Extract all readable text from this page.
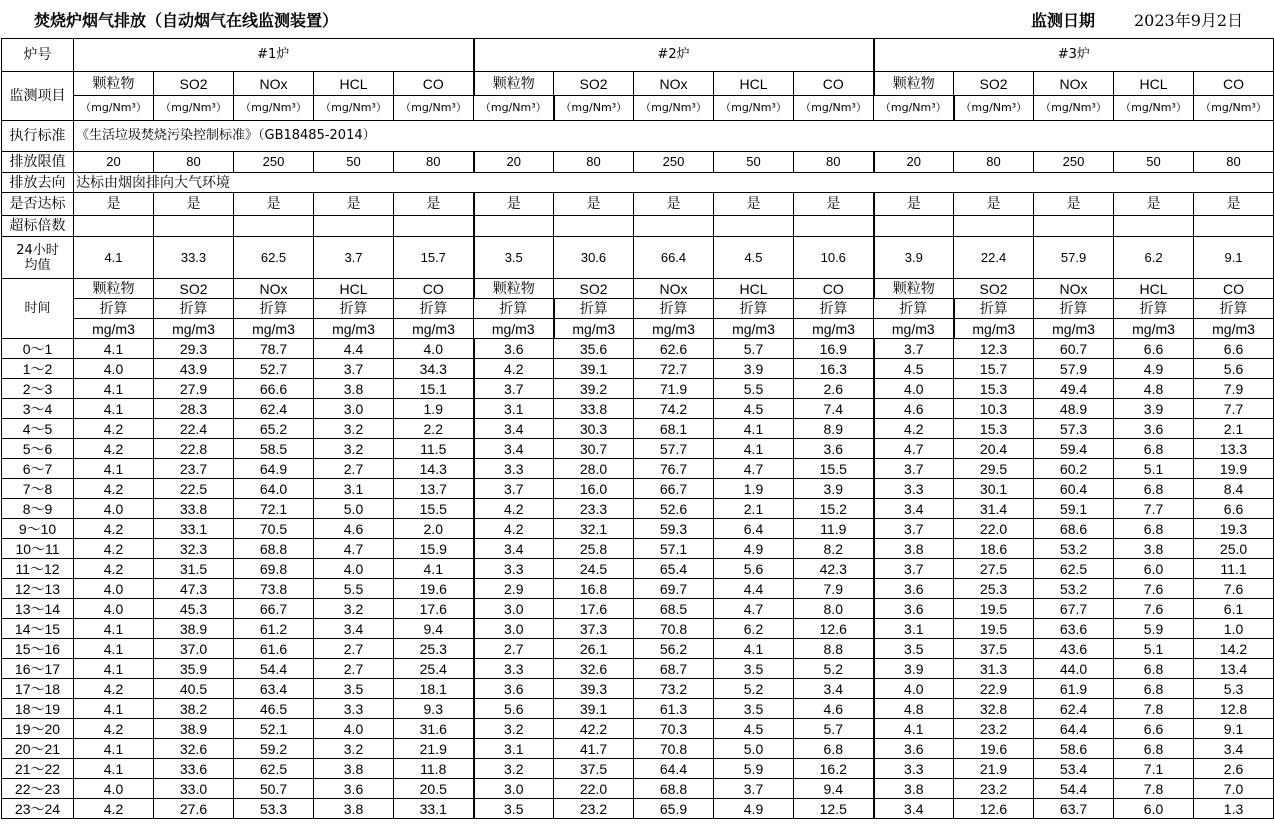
焚烧炉烟气排放（自动烟气在线监测装置）	监测日期 2023年9月2日
炉号	#1炉					#2炉					#3炉				
监测项目	颗粒物	SO2	NOx	HCL	CO	颗粒物	SO2	NOx	HCL	CO	颗粒物	SO2	NOx	HCL	CO
	（mg/Nm³）	（mg/Nm³）	（mg/Nm³）	（mg/Nm³）	（mg/Nm³）	（mg/Nm³）	（mg/Nm³）	（mg/Nm³）	（mg/Nm³）	（mg/Nm³）	（mg/Nm³）	（mg/Nm³）	（mg/Nm³）	（mg/Nm³）	（mg/Nm³）
执行标准	《生活垃圾焚烧污染控制标准》（GB18485-2014）														
排放限值	20	80	250	50	80	20	80	250	50	80	20	80	250	50	80
排放去向	达标由烟囱排向大气环境														
是否达标	是	是	是	是	是	是	是	是	是	是	是	是	是	是	是
超标倍数															
24小时均值	4.1	33.3	62.5	3.7	15.7	3.5	30.6	66.4	4.5	10.6	3.9	22.4	57.9	6.2	9.1
时间	颗粒物	SO2	NOx	HCL	CO	颗粒物	SO2	NOx	HCL	CO	颗粒物	SO2	NOx	HCL	CO
	折算	折算	折算	折算	折算	折算	折算	折算	折算	折算	折算	折算	折算	折算	折算
	mg/m3	mg/m3	mg/m3	mg/m3	mg/m3	mg/m3	mg/m3	mg/m3	mg/m3	mg/m3	mg/m3	mg/m3	mg/m3	mg/m3	mg/m3
0～1	4.1	29.3	78.7	4.4	4.0	3.6	35.6	62.6	5.7	16.9	3.7	12.3	60.7	6.6	6.6
1～2	4.0	43.9	52.7	3.7	34.3	4.2	39.1	72.7	3.9	16.3	4.5	15.7	57.9	4.9	5.6
2～3	4.1	27.9	66.6	3.8	15.1	3.7	39.2	71.9	5.5	2.6	4.0	15.3	49.4	4.8	7.9
3～4	4.1	28.3	62.4	3.0	1.9	3.1	33.8	74.2	4.5	7.4	4.6	10.3	48.9	3.9	7.7
4～5	4.2	22.4	65.2	3.2	2.2	3.4	30.3	68.1	4.1	8.9	4.2	15.3	57.3	3.6	2.1
5～6	4.2	22.8	58.5	3.2	11.5	3.4	30.7	57.7	4.1	3.6	4.7	20.4	59.4	6.8	13.3
6～7	4.1	23.7	64.9	2.7	14.3	3.3	28.0	76.7	4.7	15.5	3.7	29.5	60.2	5.1	19.9
7～8	4.2	22.5	64.0	3.1	13.7	3.7	16.0	66.7	1.9	3.9	3.3	30.1	60.4	6.8	8.4
8～9	4.0	33.8	72.1	5.0	15.5	4.2	23.3	52.6	2.1	15.2	3.4	31.4	59.1	7.7	6.6
9～10	4.2	33.1	70.5	4.6	2.0	4.2	32.1	59.3	6.4	11.9	3.7	22.0	68.6	6.8	19.3
10～11	4.2	32.3	68.8	4.7	15.9	3.4	25.8	57.1	4.9	8.2	3.8	18.6	53.2	3.8	25.0
11～12	4.2	31.5	69.8	4.0	4.1	3.3	24.5	65.4	5.6	42.3	3.7	27.5	62.5	6.0	11.1
12～13	4.0	47.3	73.8	5.5	19.6	2.9	16.8	69.7	4.4	7.9	3.6	25.3	53.2	7.6	7.6
13～14	4.0	45.3	66.7	3.2	17.6	3.0	17.6	68.5	4.7	8.0	3.6	19.5	67.7	7.6	6.1
14～15	4.1	38.9	61.2	3.4	9.4	3.0	37.3	70.8	6.2	12.6	3.1	19.5	63.6	5.9	1.0
15～16	4.1	37.0	61.6	2.7	25.3	2.7	26.1	56.2	4.1	8.8	3.5	37.5	43.6	5.1	14.2
16～17	4.1	35.9	54.4	2.7	25.4	3.3	32.6	68.7	3.5	5.2	3.9	31.3	44.0	6.8	13.4
17～18	4.2	40.5	63.4	3.5	18.1	3.6	39.3	73.2	5.2	3.4	4.0	22.9	61.9	6.8	5.3
18～19	4.1	38.2	46.5	3.3	9.3	5.6	39.1	61.3	3.5	4.6	4.8	32.8	62.4	7.8	12.8
19～20	4.2	38.9	52.1	4.0	31.6	3.2	42.2	70.3	4.5	5.7	4.1	23.2	64.4	6.6	9.1
20～21	4.1	32.6	59.2	3.2	21.9	3.1	41.7	70.8	5.0	6.8	3.6	19.6	58.6	6.8	3.4
21～22	4.1	33.6	62.5	3.8	11.8	3.2	37.5	64.4	5.9	16.2	3.3	21.9	53.4	7.1	2.6
22～23	4.0	33.0	50.7	3.6	20.5	3.0	22.0	68.8	3.7	9.4	3.8	23.2	54.4	7.8	7.0
23～24	4.2	27.6	53.3	3.8	33.1	3.5	23.2	65.9	4.9	12.5	3.4	12.6	63.7	6.0	1.3
